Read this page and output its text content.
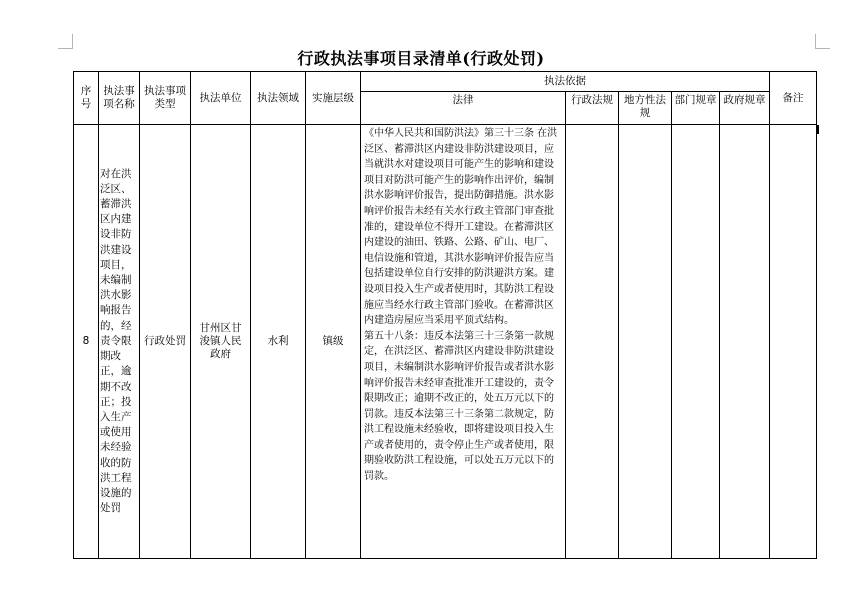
行政执法事项目录清单(行政处罚)
序号	执法事项名称	执法事项类型	执法单位	执法领域	实施层级	执法依据					备注
						法律	行政法规	地方性法规	部门规章	政府规章	
8	对在洪泛区、蓄滞洪区内建设非防洪建设项目，未编制洪水影响报告的，经责令限期改正，逾期不改正；投入生产或使用未经验收的防洪工程设施的处罚	行政处罚	甘州区甘浚镇人民政府	水利	镇级	《中华人民共和国防洪法》第三十三条 在洪泛区、蓄滞洪区内建设非防洪建设项目，应当就洪水对建设项目可能产生的影响和建设项目对防洪可能产生的影响作出评价，编制洪水影响评价报告，提出防御措施。洪水影响评价报告未经有关水行政主管部门审查批准的，建设单位不得开工建设。在蓄滞洪区内建设的油田、铁路、公路、矿山、电厂、电信设施和管道，其洪水影响评价报告应当包括建设单位自行安排的防洪避洪方案。建设项目投入生产或者使用时，其防洪工程设施应当经水行政主管部门验收。在蓄滞洪区内建造房屋应当采用平顶式结构。

第五十八条：违反本法第三十三条第一款规定，在洪泛区、蓄滞洪区内建设非防洪建设项目，未编制洪水影响评价报告或者洪水影响评价报告未经审查批准开工建设的，责令限期改正；逾期不改正的，处五万元以下的罚款。违反本法第三十三条第二款规定，防洪工程设施未经验收，即将建设项目投入生产或者使用的，责令停止生产或者使用，限期验收防洪工程设施，可以处五万元以下的罚款。					
